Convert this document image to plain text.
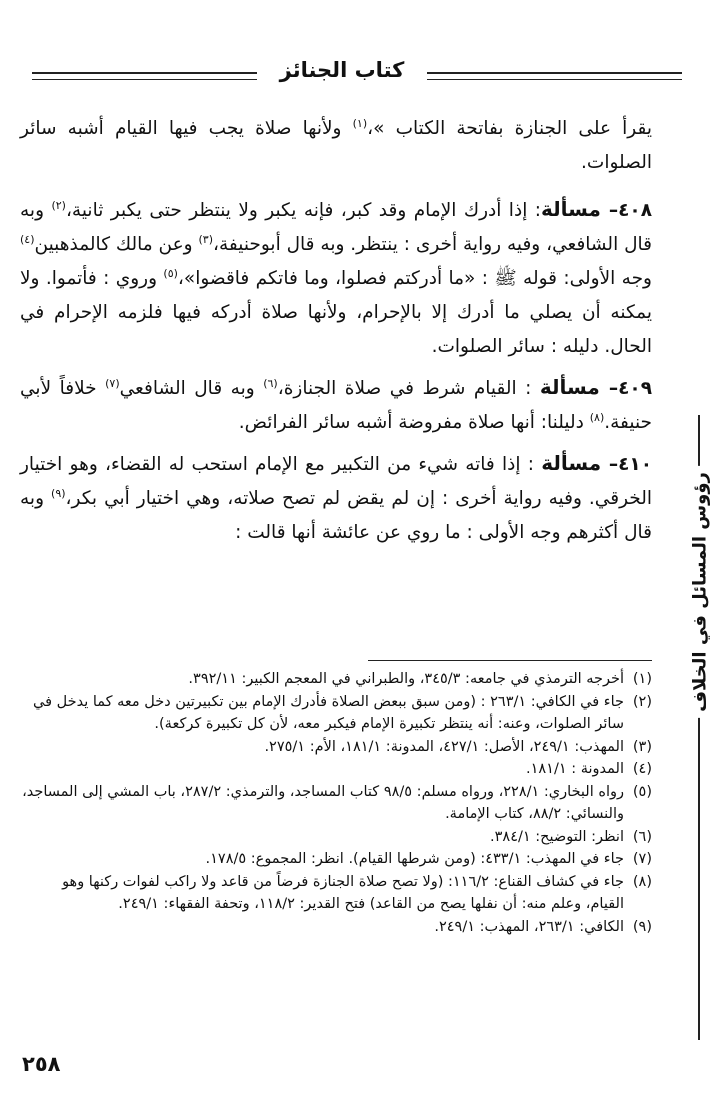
كتاب الجنائز
رؤوس المسائل في الخلاف

يقرأ على الجنازة بفاتحة الكتاب »،$^{(١)}$ ولأنها صلاة يجب فيها القيام أشبه سائر الصلوات.

٤٠٨– مسألة: إذا أدرك الإمام وقد كبر، فإنه يكبر ولا ينتظر حتى يكبر ثانية،$^{(٢)}$ وبه قال الشافعي، وفيه رواية أخرى : ينتظر. وبه قال أبوحنيفة،$^{(٣)}$ وعن مالك كالمذهبين$^{(٤)}$ وجه الأولى: قوله ﷺ : «ما أدركتم فصلوا، وما فاتكم فاقضوا»،$^{(٥)}$ وروي : فأتموا. ولا يمكنه أن يصلي ما أدرك إلا بالإحرام، ولأنها صلاة أدركه فيها فلزمه الإحرام في الحال. دليله : سائر الصلوات.

٤٠٩– مسألة : القيام شرط في صلاة الجنازة،$^{(٦)}$ وبه قال الشافعي$^{(٧)}$ خلافاً لأبي حنيفة.$^{(٨)}$ دليلنا: أنها صلاة مفروضة أشبه سائر الفرائض.

٤١٠– مسألة : إذا فاته شيء من التكبير مع الإمام استحب له القضاء، وهو اختيار الخرقي. وفيه رواية أخرى : إن لم يقض لم تصح صلاته، وهي اختيار أبي بكر،$^{(٩)}$ وبه قال أكثرهم وجه الأولى : ما روي عن عائشة أنها قالت :

(١)
أخرجه الترمذي في جامعه: ٣٤٥/٣، والطبراني في المعجم الكبير: ٣٩٢/١١.

(٢)
جاء في الكافي: ٢٦٣/١ : (ومن سبق ببعض الصلاة فأدرك الإمام بين تكبيرتين دخل معه كما يدخل في سائر الصلوات، وعنه: أنه ينتظر تكبيرة الإمام فيكبر معه، لأن كل تكبيرة كركعة).

(٣)
المهذب: ٢٤٩/١، الأصل: ٤٢٧/١، المدونة: ١٨١/١، الأم: ٢٧٥/١.

(٤)
المدونة : ١٨١/١.

(٥)
رواه البخاري: ٢٢٨/١، ورواه مسلم: ٩٨/٥ كتاب المساجد، والترمذي: ٢٨٧/٢، باب المشي إلى المساجد، والنسائي: ٨٨/٢، كتاب الإمامة.

(٦)
انظر: التوضيح: ٣٨٤/١.

(٧)
جاء في المهذب: ٤٣٣/١: (ومن شرطها القيام). انظر: المجموع: ١٧٨/٥.

(٨)
جاء في كشاف القناع: ١١٦/٢: (ولا تصح صلاة الجنازة فرضاً من قاعد ولا راكب لفوات ركنها وهو القيام، وعلم منه: أن نفلها يصح من القاعد) فتح القدير: ١١٨/٢، وتحفة الفقهاء: ٢٤٩/١.

(٩)
الكافي: ٢٦٣/١، المهذب: ٢٤٩/١.

٢٥٨
